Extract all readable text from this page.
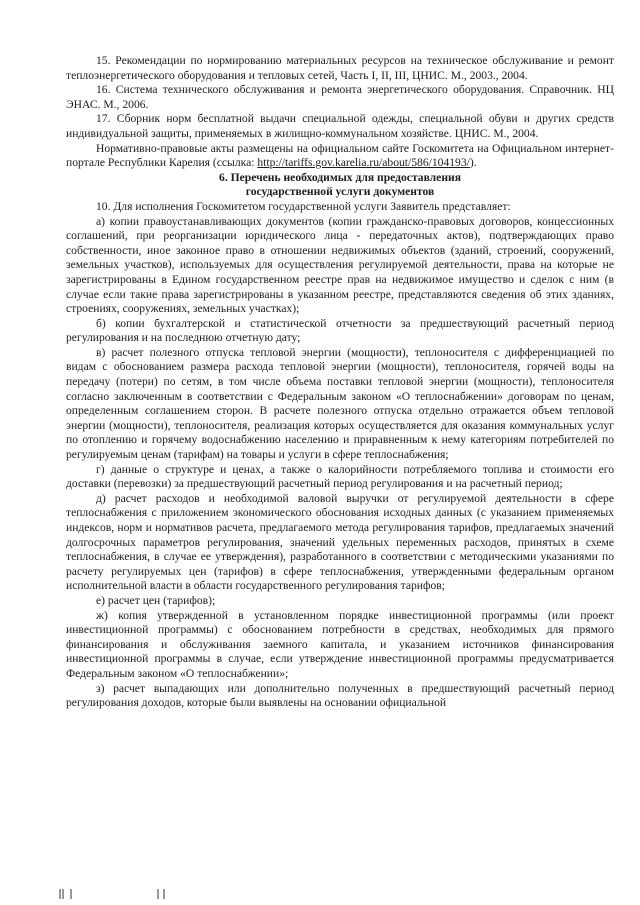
15. Рекомендации по нормированию материальных ресурсов на техническое обслуживание и ремонт теплоэнергетического оборудования и тепловых сетей, Часть I, II, III, ЦНИС. М., 2003., 2004.

16. Система технического обслуживания и ремонта энергетического оборудования. Справочник. НЦ ЭНАС. М., 2006.

17. Сборник норм бесплатной выдачи специальной одежды, специальной обуви и других средств индивидуальной защиты, применяемых в жилищно-коммунальном хозяйстве. ЦНИС. М., 2004.

Нормативно-правовые акты размещены на официальном сайте Госкомитета на Официальном интернет-портале Республики Карелия (ссылка: http://tariffs.gov.karelia.ru/about/586/104193/).

6. Перечень необходимых для предоставления

государственной услуги документов

10. Для исполнения Госкомитетом государственной услуги Заявитель представляет:

а) копии правоустанавливающих документов (копии гражданско-правовых договоров, концессионных соглашений, при реорганизации юридического лица - передаточных актов), подтверждающих право собственности, иное законное право в отношении недвижимых объектов (зданий, строений, сооружений, земельных участков), используемых для осуществления регулируемой деятельности, права на которые не зарегистрированы в Едином государственном реестре прав на недвижимое имущество и сделок с ним (в случае если такие права зарегистрированы в указанном реестре, представляются сведения об этих зданиях, строениях, сооружениях, земельных участках);

б) копии бухгалтерской и статистической отчетности за предшествующий расчетный период регулирования и на последнюю отчетную дату;

в) расчет полезного отпуска тепловой энергии (мощности), теплоносителя с дифференциацией по видам с обоснованием размера расхода тепловой энергии (мощности), теплоносителя, горячей воды на передачу (потери) по сетям, в том числе объема поставки тепловой энергии (мощности), теплоносителя согласно заключенным в соответствии с Федеральным законом «О теплоснабжении» договорам по ценам, определенным соглашением сторон. В расчете полезного отпуска отдельно отражается объем тепловой энергии (мощности), теплоносителя, реализация которых осуществляется для оказания коммунальных услуг по отоплению и горячему водоснабжению населению и приравненным к нему категориям потребителей по регулируемым ценам (тарифам) на товары и услуги в сфере теплоснабжения;

г) данные о структуре и ценах, а также о калорийности потребляемого топлива и стоимости его доставки (перевозки) за предшествующий расчетный период регулирования и на расчетный период;

д) расчет расходов и необходимой валовой выручки от регулируемой деятельности в сфере теплоснабжения с приложением экономического обоснования исходных данных (с указанием применяемых индексов, норм и нормативов расчета, предлагаемого метода регулирования тарифов, предлагаемых значений долгосрочных параметров регулирования, значений удельных переменных расходов, принятых в схеме теплоснабжения, в случае ее утверждения), разработанного в соответствии с методическими указаниями по расчету регулируемых цен (тарифов) в сфере теплоснабжения, утвержденными федеральным органом исполнительной власти в области государственного регулирования тарифов;

е) расчет цен (тарифов);

ж) копия утвержденной в установленном порядке инвестиционной программы (или проект инвестиционной программы) с обоснованием потребности в средствах, необходимых для прямого финансирования и обслуживания заемного капитала, и указанием источников финансирования инвестиционной программы в случае, если утверждение инвестиционной программы предусматривается Федеральным законом «О теплоснабжении»;

з) расчет выпадающих или дополнительно полученных в предшествующий расчетный период регулирования доходов, которые были выявлены на основании официальной
